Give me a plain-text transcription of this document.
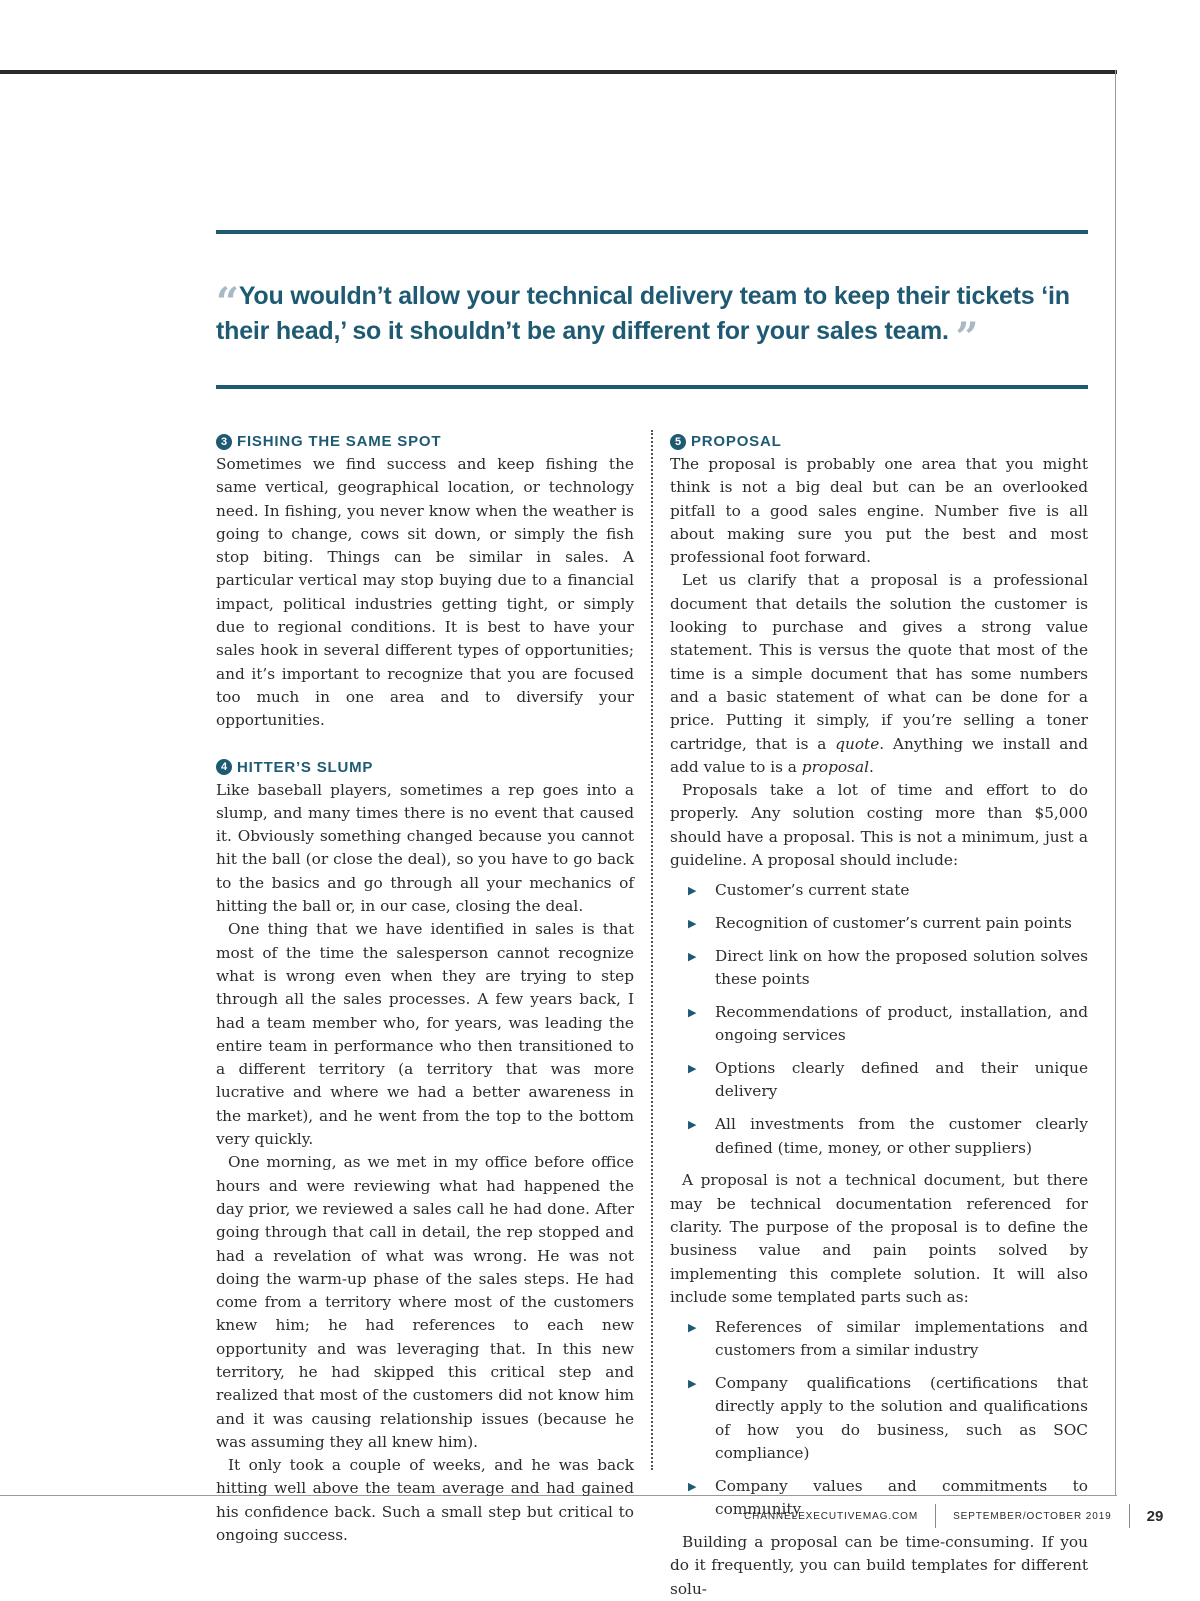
“You wouldn’t allow your technical delivery team to keep their tickets ‘in their head,’ so it shouldn’t be any different for your sales team. ”
3 FISHING THE SAME SPOT

Sometimes we find success and keep fishing the same vertical, geographical location, or technology need. In fishing, you never know when the weather is going to change, cows sit down, or simply the fish stop biting. Things can be similar in sales. A particular vertical may stop buying due to a financial impact, political industries getting tight, or simply due to regional conditions. It is best to have your sales hook in several different types of opportunities; and it’s important to recognize that you are focused too much in one area and to diversify your opportunities.

4 HITTER’S SLUMP

Like baseball players, sometimes a rep goes into a slump, and many times there is no event that caused it. Obviously something changed because you cannot hit the ball (or close the deal), so you have to go back to the basics and go through all your mechanics of hitting the ball or, in our case, closing the deal.

One thing that we have identified in sales is that most of the time the salesperson cannot recognize what is wrong even when they are trying to step through all the sales processes. A few years back, I had a team member who, for years, was leading the entire team in performance who then transitioned to a different territory (a territory that was more lucrative and where we had a better awareness in the market), and he went from the top to the bottom very quickly.

One morning, as we met in my office before office hours and were reviewing what had happened the day prior, we reviewed a sales call he had done. After going through that call in detail, the rep stopped and had a revelation of what was wrong. He was not doing the warm-up phase of the sales steps. He had come from a territory where most of the customers knew him; he had references to each new opportunity and was leveraging that. In this new territory, he had skipped this critical step and realized that most of the customers did not know him and it was causing relationship issues (because he was assuming they all knew him).

It only took a couple of weeks, and he was back hitting well above the team average and had gained his confidence back. Such a small step but critical to ongoing success.

5 PROPOSAL

The proposal is probably one area that you might think is not a big deal but can be an overlooked pitfall to a good sales engine. Number five is all about making sure you put the best and most professional foot forward.

Let us clarify that a proposal is a professional document that details the solution the customer is looking to purchase and gives a strong value statement. This is versus the quote that most of the time is a simple document that has some numbers and a basic statement of what can be done for a price. Putting it simply, if you’re selling a toner cartridge, that is a quote. Anything we install and add value to is a proposal.

Proposals take a lot of time and effort to do properly. Any solution costing more than $5,000 should have a proposal. This is not a minimum, just a guideline. A proposal should include:

▶ Customer’s current state
▶ Recognition of customer’s current pain points
▶ Direct link on how the proposed solution solves these points
▶ Recommendations of product, installation, and ongoing services
▶ Options clearly defined and their unique delivery
▶ All investments from the customer clearly defined (time, money, or other suppliers)

A proposal is not a technical document, but there may be technical documentation referenced for clarity. The purpose of the proposal is to define the business value and pain points solved by implementing this complete solution. It will also include some templated parts such as:

▶ References of similar implementations and customers from a similar industry
▶ Company qualifications (certifications that directly apply to the solution and qualifications of how you do business, such as SOC compliance)
▶ Company values and commitments to community

Building a proposal can be time-consuming. If you do it frequently, you can build templates for different solu-

CHANNELEXECUTIVEMAG.COM	SEPTEMBER/OCTOBER 2019 29
